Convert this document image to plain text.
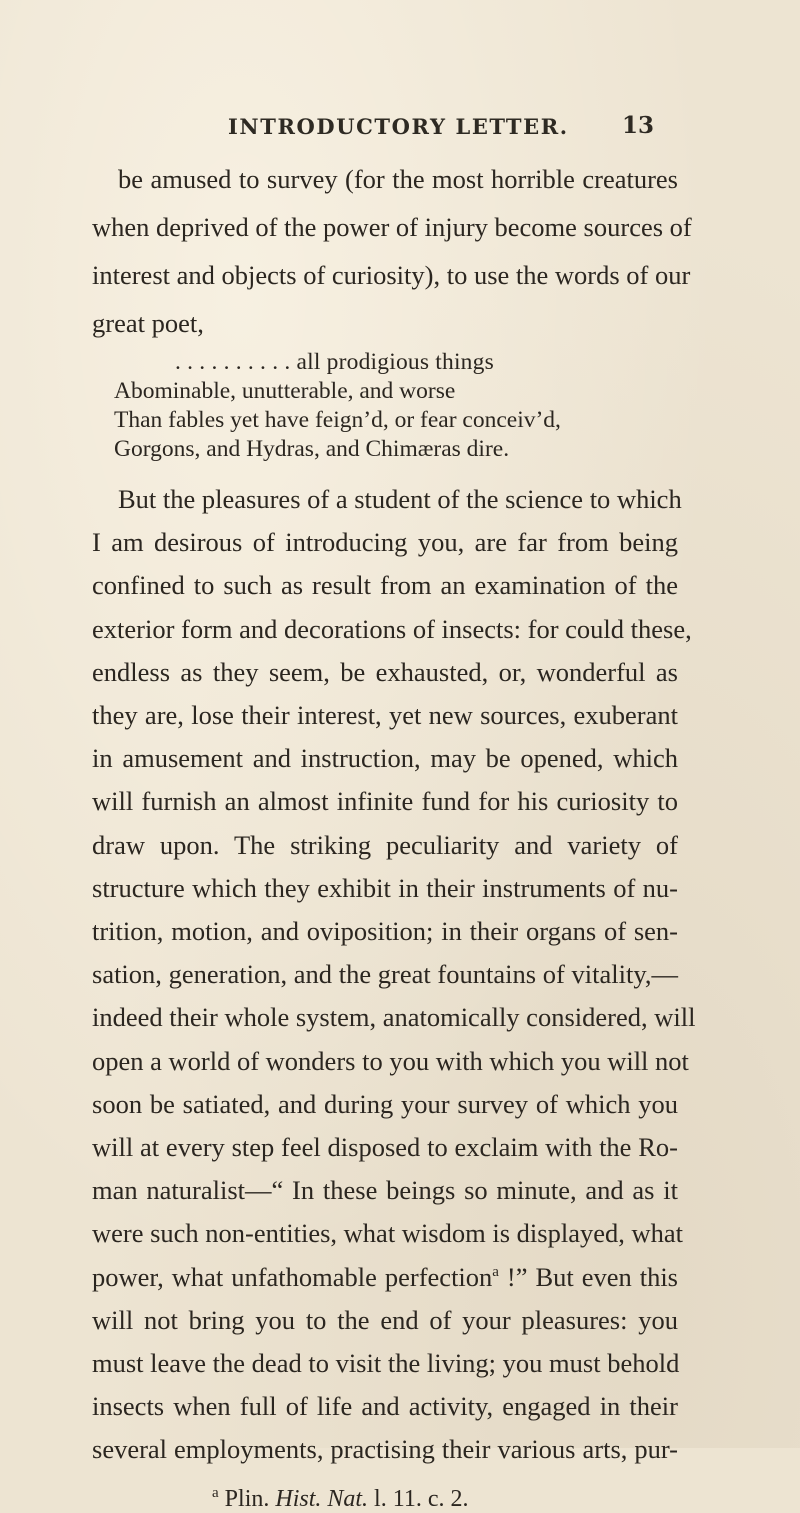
INTRODUCTORY LETTER. 13
be amused to survey (for the most horrible creatures
when deprived of the power of injury become sources of
interest and objects of curiosity), to use the words of our
great poet,
. . . . . . . . . . all prodigious things
Abominable, unutterable, and worse
Than fables yet have feign’d, or fear conceiv’d,
Gorgons, and Hydras, and Chimæras dire.
But the pleasures of a student of the science to which
I am desirous of introducing you, are far from being
confined to such as result from an examination of the
exterior form and decorations of insects: for could these,
endless as they seem, be exhausted, or, wonderful as
they are, lose their interest, yet new sources, exuberant
in amusement and instruction, may be opened, which
will furnish an almost infinite fund for his curiosity to
draw upon. The striking peculiarity and variety of
structure which they exhibit in their instruments of nu-
trition, motion, and oviposition; in their organs of sen-
sation, generation, and the great fountains of vitality,—
indeed their whole system, anatomically considered, will
open a world of wonders to you with which you will not
soon be satiated, and during your survey of which you
will at every step feel disposed to exclaim with the Ro-
man naturalist—“ In these beings so minute, and as it
were such non-entities, what wisdom is displayed, what
power, what unfathomable perfection$^a$ !” But even this
will not bring you to the end of your pleasures: you
must leave the dead to visit the living; you must behold
insects when full of life and activity, engaged in their
several employments, practising their various arts, pur-
$^a$ Plin. Hist. Nat. l. 11. c. 2.
